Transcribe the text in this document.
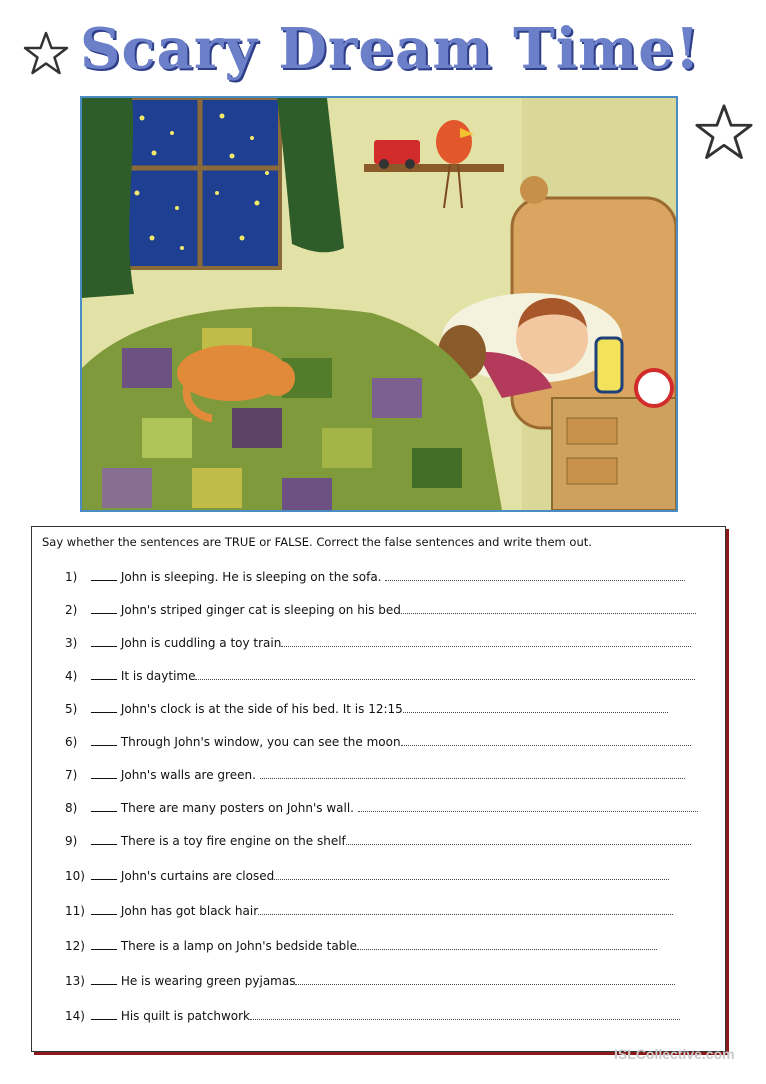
Scary Dream Time!
Say whether the sentences are TRUE or FALSE. Correct the false sentences and write them out.
1)	John is sleeping. He is sleeping on the sofa.
2)	John's striped ginger cat is sleeping on his bed
3)	John is cuddling a toy train
4)	It is daytime
5)	John's clock is at the side of his bed. It is 12:15
6)	Through John's window, you can see the moon
7)	John's walls are green.
8)	There are many posters on John's wall.
9)	There is a toy fire engine on the shelf
10)	John's curtains are closed
11)	John has got black hair
12)	There is a lamp on John's bedside table
13)	He is wearing green pyjamas
14)	His quilt is patchwork
ISLCollective.com
